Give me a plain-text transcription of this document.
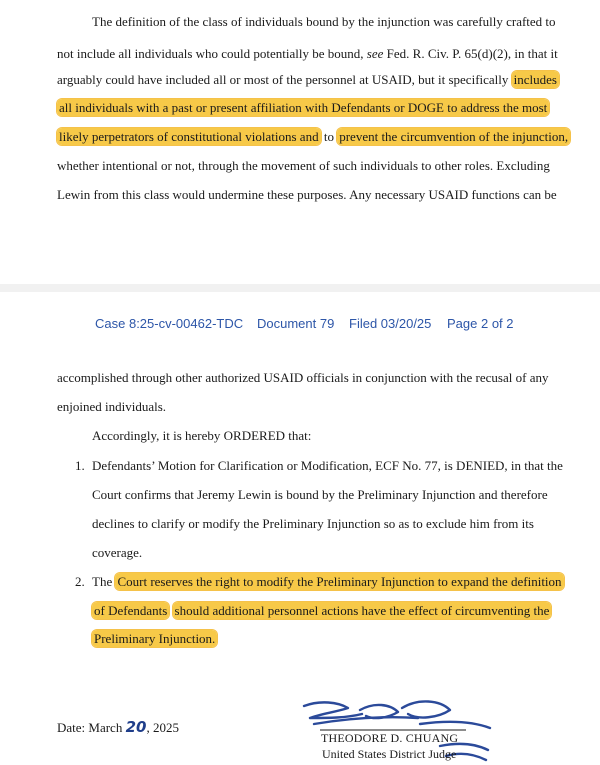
The definition of the class of individuals bound by the injunction was carefully crafted to
not include all individuals who could potentially be bound, see Fed. R. Civ. P. 65(d)(2), in that it
arguably could have included all or most of the personnel at USAID, but it specifically includes
all individuals with a past or present affiliation with Defendants or DOGE to address the most
likely perpetrators of constitutional violations and to prevent the circumvention of the injunction,
whether intentional or not, through the movement of such individuals to other roles. Excluding
Lewin from this class would undermine these purposes. Any necessary USAID functions can be
Case 8:25-cv-00462-TDC Document 79 Filed 03/20/25 Page 2 of 2
accomplished through other authorized USAID officials in conjunction with the recusal of any
enjoined individuals.
Accordingly, it is hereby ORDERED that:
1. Defendants’ Motion for Clarification or Modification, ECF No. 77, is DENIED, in that the
Court confirms that Jeremy Lewin is bound by the Preliminary Injunction and therefore
declines to clarify or modify the Preliminary Injunction so as to exclude him from its
coverage.
2. The Court reserves the right to modify the Preliminary Injunction to expand the definition
of Defendants should additional personnel actions have the effect of circumventing the
Preliminary Injunction.
Date: March 20, 2025
THEODORE D. CHUANG
United States District Judge
